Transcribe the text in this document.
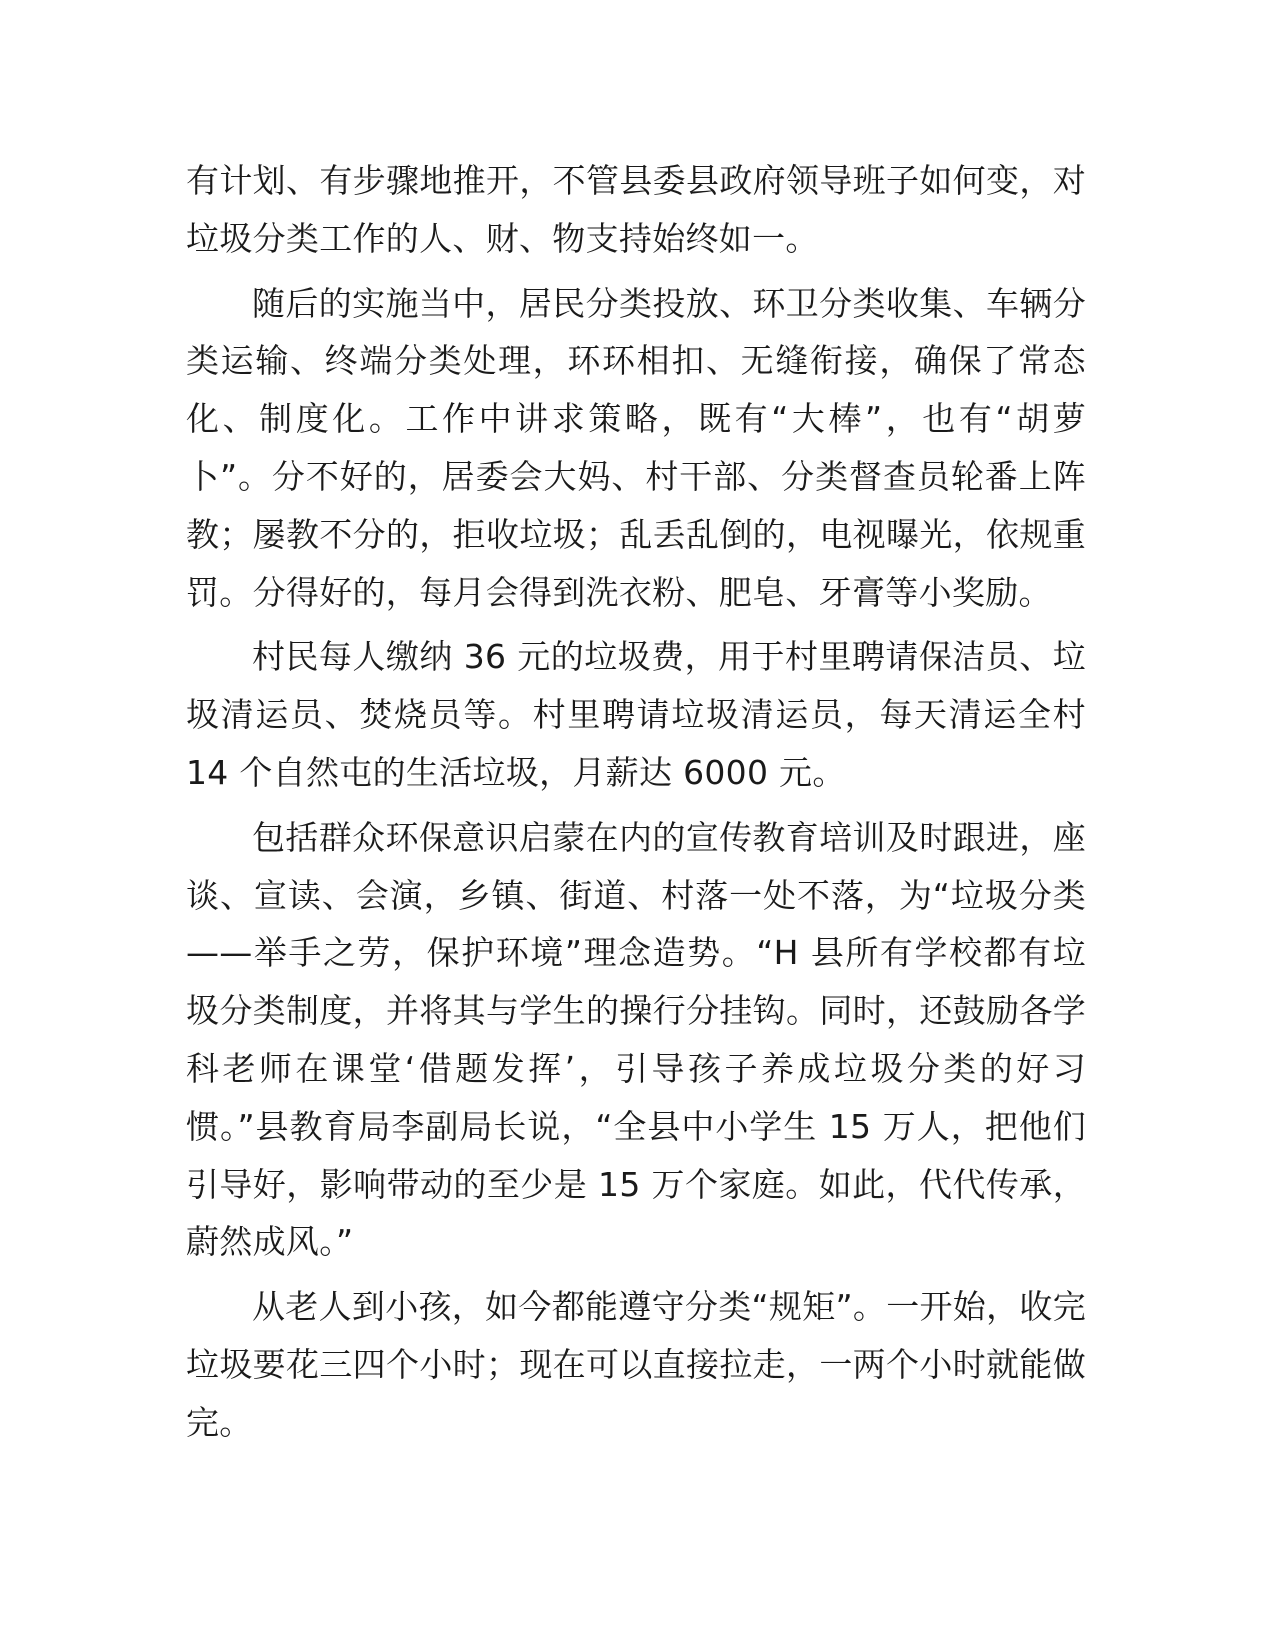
有计划、有步骤地推开，不管县委县政府领导班子如何变，对垃圾分类工作的人、财、物支持始终如一。

随后的实施当中，居民分类投放、环卫分类收集、车辆分类运输、终端分类处理，环环相扣、无缝衔接，确保了常态化、制度化。工作中讲求策略，既有“大棒”，也有“胡萝卜”。分不好的，居委会大妈、村干部、分类督查员轮番上阵教；屡教不分的，拒收垃圾；乱丢乱倒的，电视曝光，依规重罚。分得好的，每月会得到洗衣粉、肥皂、牙膏等小奖励。

村民每人缴纳 36 元的垃圾费，用于村里聘请保洁员、垃圾清运员、焚烧员等。村里聘请垃圾清运员，每天清运全村 14 个自然屯的生活垃圾，月薪达 6000 元。

包括群众环保意识启蒙在内的宣传教育培训及时跟进，座谈、宣读、会演，乡镇、街道、村落一处不落，为“垃圾分类——举手之劳，保护环境”理念造势。“H 县所有学校都有垃圾分类制度，并将其与学生的操行分挂钩。同时，还鼓励各学科老师在课堂‘借题发挥’，引导孩子养成垃圾分类的好习惯。”县教育局李副局长说，“全县中小学生 15 万人，把他们引导好，影响带动的至少是 15 万个家庭。如此，代代传承，蔚然成风。”

从老人到小孩，如今都能遵守分类“规矩”。一开始，收完垃圾要花三四个小时；现在可以直接拉走，一两个小时就能做完。
